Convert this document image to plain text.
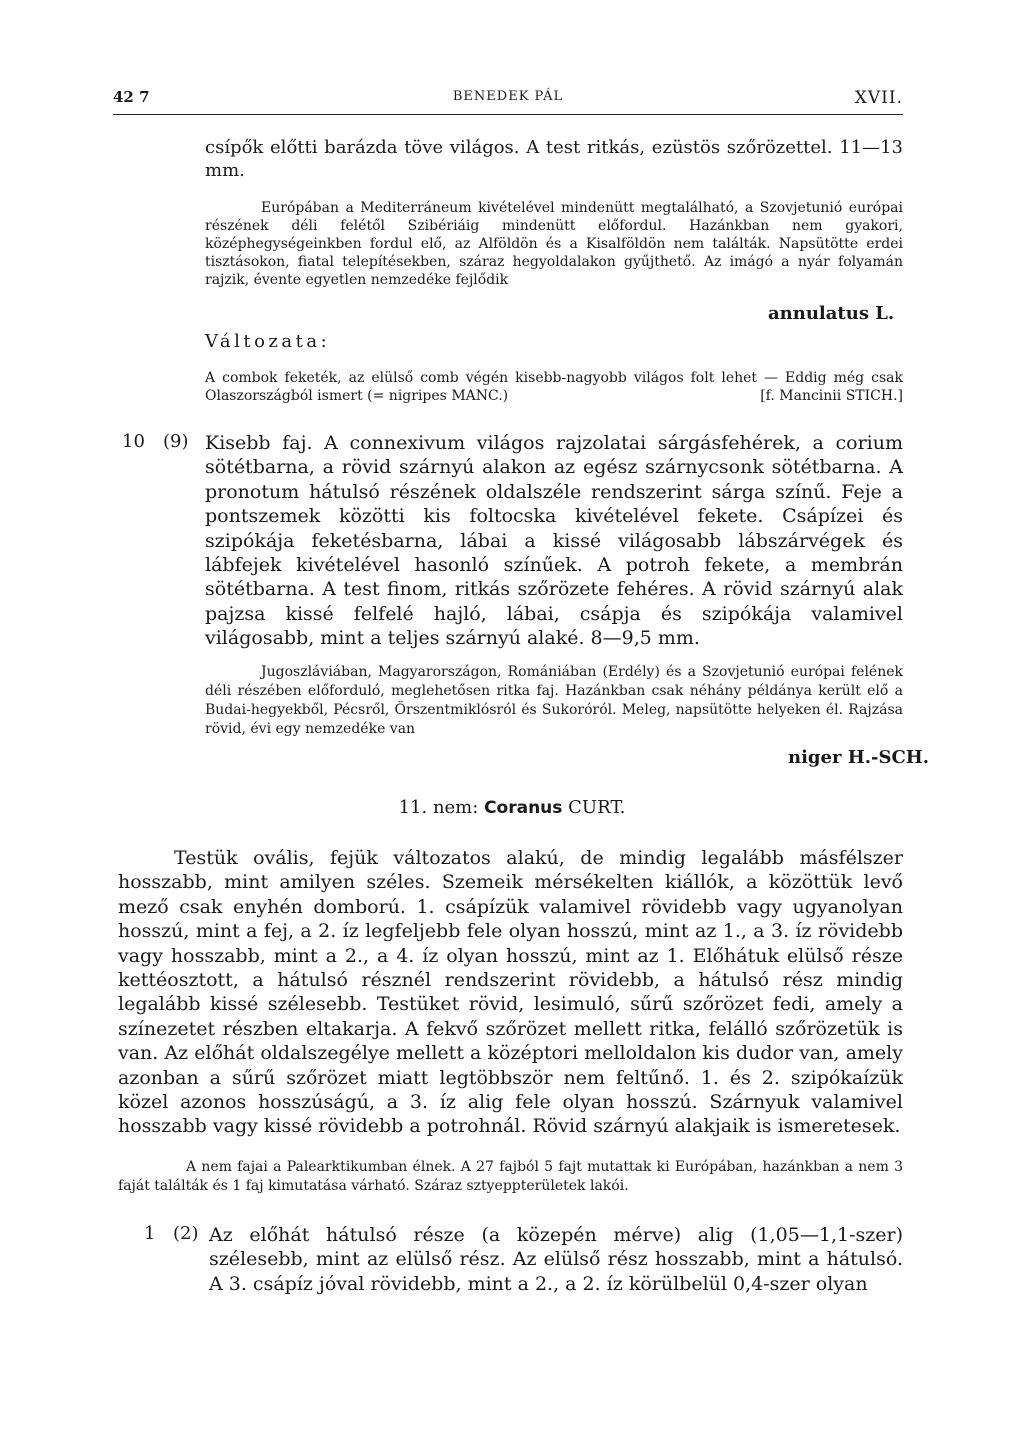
42 7	BENEDEK PÁL	XVII.
csípők előtti barázda töve világos. A test ritkás, ezüstös szőrözettel. 11—13 mm.
Európában a Mediterráneum kivételével mindenütt megtalálható, a Szovjetunió európai részének déli felétől Szibériáig mindenütt előfordul. Hazánkban nem gyakori, középhegységeinkben fordul elő, az Alföldön és a Kisalföldön nem találták. Napsütötte erdei tisztásokon, fiatal telepítésekben, száraz hegyoldalakon gyűjthető. Az imágó a nyár folyamán rajzik, évente egyetlen nemzedéke fejlődik
annulatus L.
Változata:
A combok feketék, az elülső comb végén kisebb-nagyobb világos folt lehet — Eddig még csak Olaszországból ismert (= nigripes MANC.)	[f. Mancinii STICH.]
10 (9) Kisebb faj. A connexivum világos rajzolatai sárgásfehérek, a corium sötétbarna, a rövid szárnyú alakon az egész szárnycsonk sötétbarna. A pronotum hátulsó részének oldalszéle rendszerint sárga színű. Feje a pontszemek közötti kis foltocska kivételével fekete. Csápízei és szipókája feketésbarna, lábai a kissé világosabb lábszárvégek és lábfejek kivételével hasonló színűek. A potroh fekete, a membrán sötétbarna. A test finom, ritkás szőrözete fehéres. A rövid szárnyú alak pajzsa kissé felfelé hajló, lábai, csápja és szipókája valamivel világosabb, mint a teljes szárnyú alaké. 8—9,5 mm.
Jugoszláviában, Magyarországon, Romániában (Erdély) és a Szovjetunió európai felének déli részében előforduló, meglehetősen ritka faj. Hazánkban csak néhány példánya került elő a Budai-hegyekből, Pécsről, Őrszentmiklósról és Sukoróról. Meleg, napsütötte helyeken él. Rajzása rövid, évi egy nemzedéke van
niger H.-SCH.
11. nem: Coranus CURT.
Testük ovális, fejük változatos alakú, de mindig legalább másfélszer hosszabb, mint amilyen széles. Szemeik mérsékelten kiállók, a közöttük levő mező csak enyhén domború. 1. csápízük valamivel rövidebb vagy ugyanolyan hosszú, mint a fej, a 2. íz legfeljebb fele olyan hosszú, mint az 1., a 3. íz rövidebb vagy hosszabb, mint a 2., a 4. íz olyan hosszú, mint az 1. Előhátuk elülső része kettéosztott, a hátulsó résznél rendszerint rövidebb, a hátulsó rész mindig legalább kissé szélesebb. Testüket rövid, lesimuló, sűrű szőrözet fedi, amely a színezetet részben eltakarja. A fekvő szőrözet mellett ritka, felálló szőrözetük is van. Az előhát oldalszegélye mellett a középtori melloldalon kis dudor van, amely azonban a sűrű szőrözet miatt legtöbbször nem feltűnő. 1. és 2. szipókaízük közel azonos hosszúságú, a 3. íz alig fele olyan hosszú. Szárnyuk valamivel hosszabb vagy kissé rövidebb a potrohnál. Rövid szárnyú alakjaik is ismeretesek.
A nem fajai a Palearktikumban élnek. A 27 fajból 5 fajt mutattak ki Európában, hazánkban a nem 3 faját találták és 1 faj kimutatása várható. Száraz sztyeppterületek lakói.
1 (2) Az előhát hátulsó része (a közepén mérve) alig (1,05—1,1-szer) szélesebb, mint az elülső rész. Az elülső rész hosszabb, mint a hátulsó. A 3. csápíz jóval rövidebb, mint a 2., a 2. íz körülbelül 0,4-szer olyan
